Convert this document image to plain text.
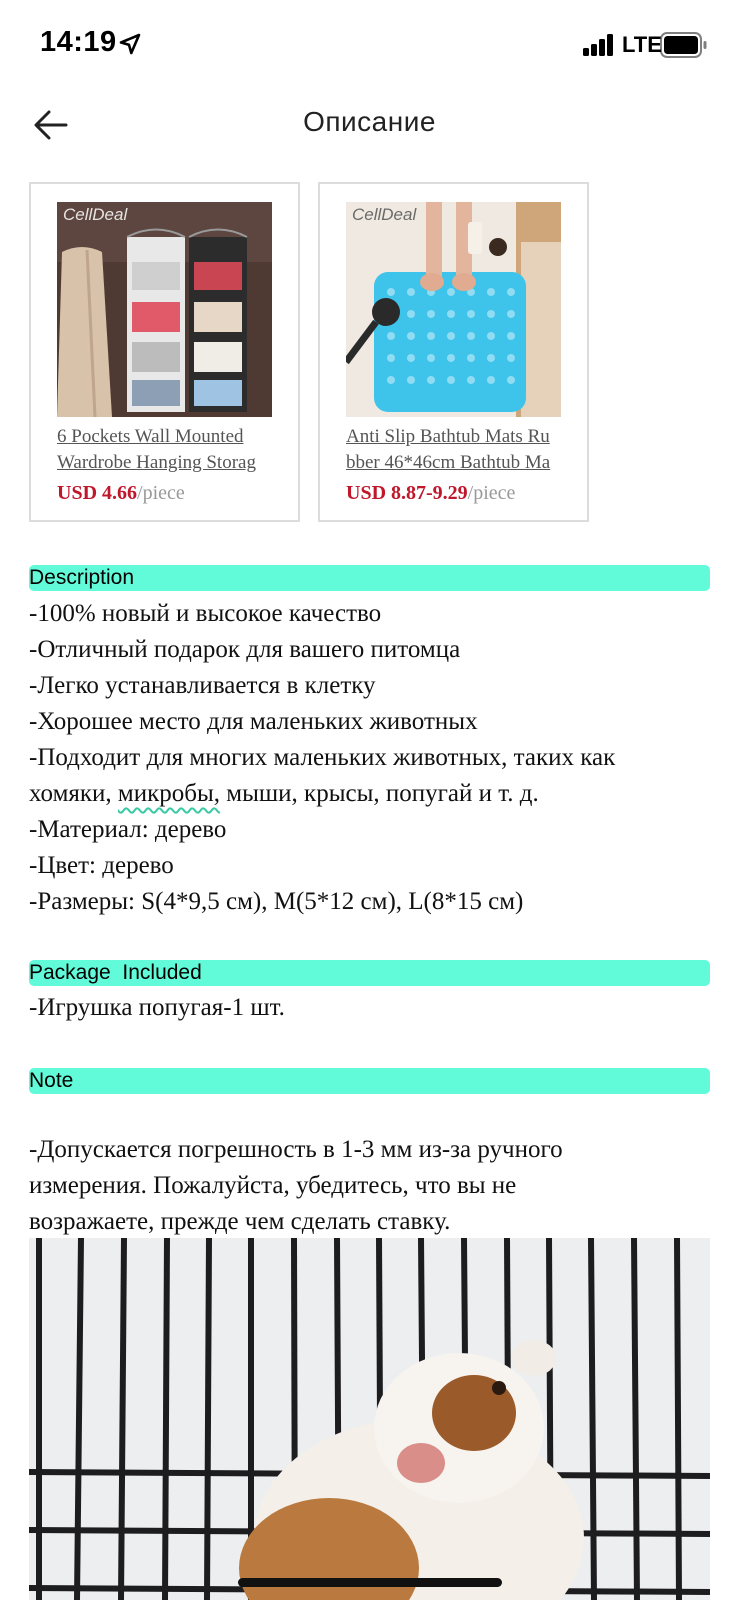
14:19	LTE
Описание
CellDeal
6 Pockets Wall Mounted
Wardrobe Hanging Storag
USD 4.66/piece
CellDeal
Anti Slip Bathtub Mats Ru
bber 46*46cm Bathtub Ma
USD 8.87-9.29/piece
Description
-100% новый и высокое качество
-Отличный подарок для вашего питомца
-Легко устанавливается в клетку
-Хорошее место для маленьких животных
-Подходит для многих маленьких животных, таких как
хомяки, микробы, мыши, крысы, попугай и т. д.
-Материал: дерево
-Цвет: дерево
-Размеры: S(4*9,5 см), M(5*12 см), L(8*15 см)
Package  Included
-Игрушка попугая-1 шт.
Note
-Допускается погрешность в 1-3 мм из-за ручного
измерения. Пожалуйста, убедитесь, что вы не
возражаете, прежде чем сделать ставку.
